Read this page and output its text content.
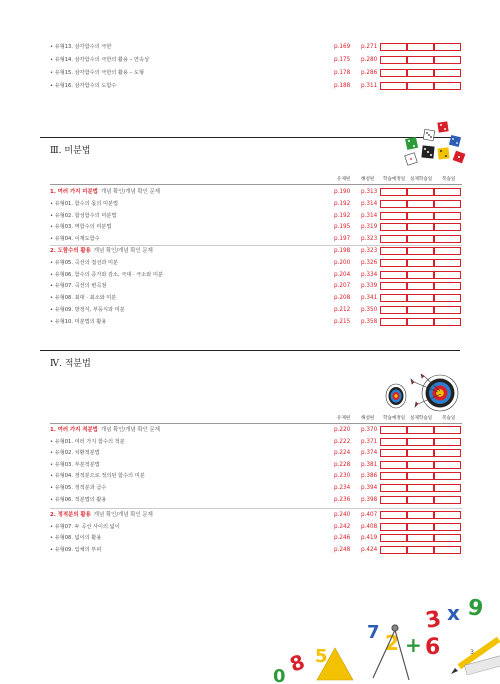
• 유형13. 삼각함수의 극한	p.169 p.271
• 유형14. 삼각함수의 극한의 활용 – 연속성	p.175 p.280
• 유형15. 삼각함수의 극한의 활용 – 도형	p.178 p.286
• 유형16. 삼각함수의 도함수	p.188 p.311
Ⅲ. 미분법
유제편 해설편 학습예정일 실제학습일 복습일
1. 여러 가지 미분법 개념 확인/개념 확인 문제	p.190 p.313
• 유형01. 함수의 몫의 미분법	p.192 p.314
• 유형02. 합성함수의 미분법	p.192 p.314
• 유형03. 역함수의 미분법	p.195 p.319
• 유형04. 이계도함수	p.197 p.323
2. 도함수의 활용 개념 확인/개념 확인 문제	p.198 p.323
• 유형05. 곡선의 접선과 미분	p.200 p.326
• 유형06. 함수의 증가와 감소, 극대 · 극소와 미분	p.204 p.334
• 유형07. 곡선의 변곡점	p.207 p.339
• 유형08. 최대 · 최소와 미분	p.208 p.341
• 유형09. 방정식, 부등식과 미분	p.212 p.350
• 유형10. 미분법의 활용	p.215 p.358
Ⅳ. 적분법
유제편 해설편 학습예정일 실제학습일 복습일
1. 여러 가지 적분법 개념 확인/개념 확인 문제	p.220 p.370
• 유형01. 여러 가지 함수의 적분	p.222 p.371
• 유형02. 치환적분법	p.224 p.374
• 유형03. 부분적분법	p.228 p.381
• 유형04. 정적분으로 정의된 함수의 미분	p.230 p.386
• 유형05. 정적분과 급수	p.234 p.394
• 유형06. 적분법의 활용	p.236 p.398
2. 정적분의 활용 개념 확인/개념 확인 문제	p.240 p.407
• 유형07. 두 곡선 사이의 넓이	p.242 p.408
• 유형08. 넓이의 활용	p.246 p.419
• 유형09. 입체의 부피	p.248 p.424
3 x 9
2 + 6
7
8 5
0
3
